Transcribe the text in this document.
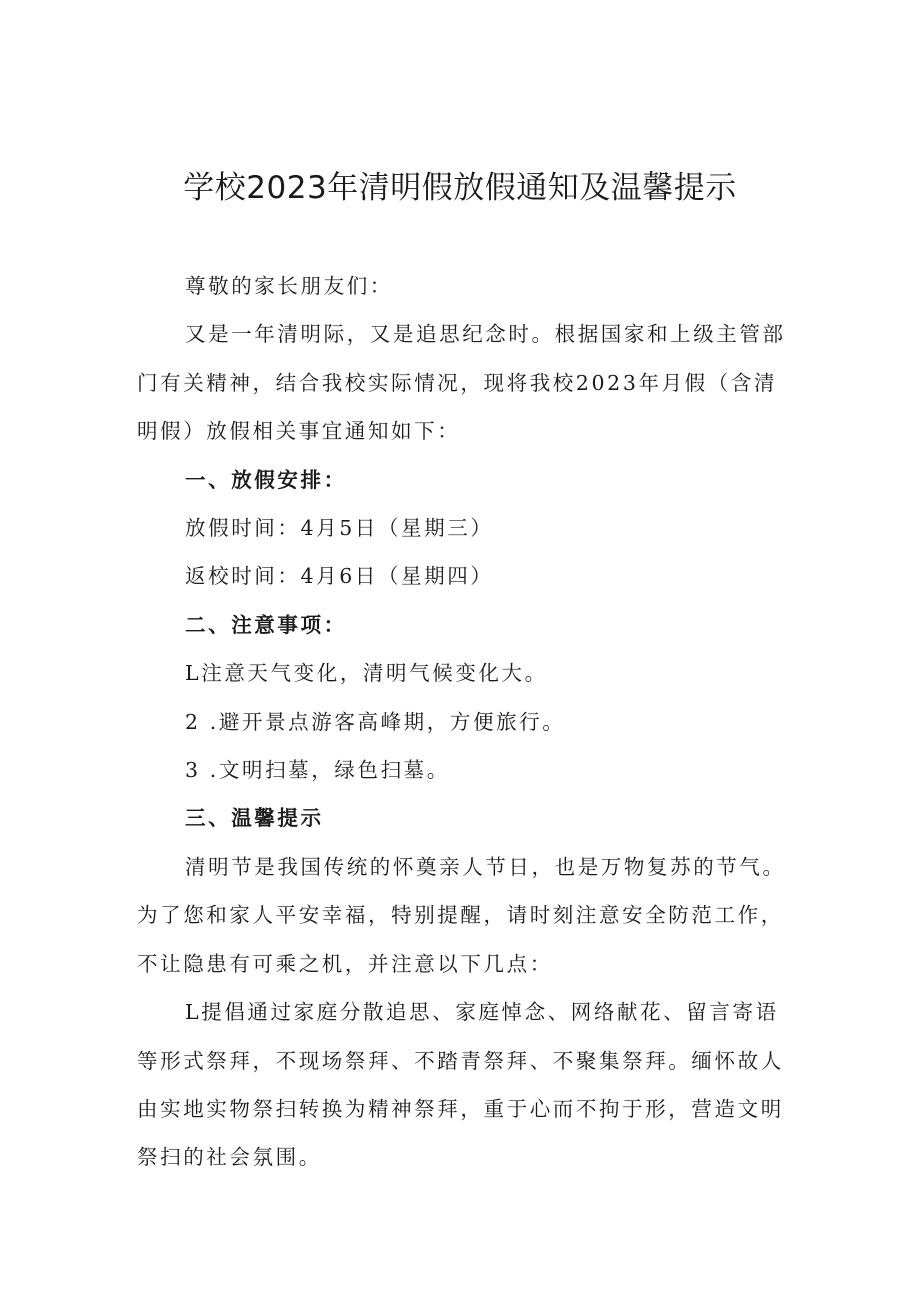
学校2023年清明假放假通知及温馨提示

尊敬的家长朋友们：

又是一年清明际，又是追思纪念时。根据国家和上级主管部门有关精神，结合我校实际情况，现将我校2023年月假（含清明假）放假相关事宜通知如下：

一、放假安排：

放假时间：4月5日（星期三）

返校时间：4月6日（星期四）

二、注意事项：

L注意天气变化，清明气候变化大。

2 .避开景点游客高峰期，方便旅行。

3 .文明扫墓，绿色扫墓。

三、温馨提示

清明节是我国传统的怀奠亲人节日，也是万物复苏的节气。为了您和家人平安幸福，特别提醒，请时刻注意安全防范工作，不让隐患有可乘之机，并注意以下几点：

L提倡通过家庭分散追思、家庭悼念、网络献花、留言寄语等形式祭拜，不现场祭拜、不踏青祭拜、不聚集祭拜。缅怀故人由实地实物祭扫转换为精神祭拜，重于心而不拘于形，营造文明祭扫的社会氛围。
